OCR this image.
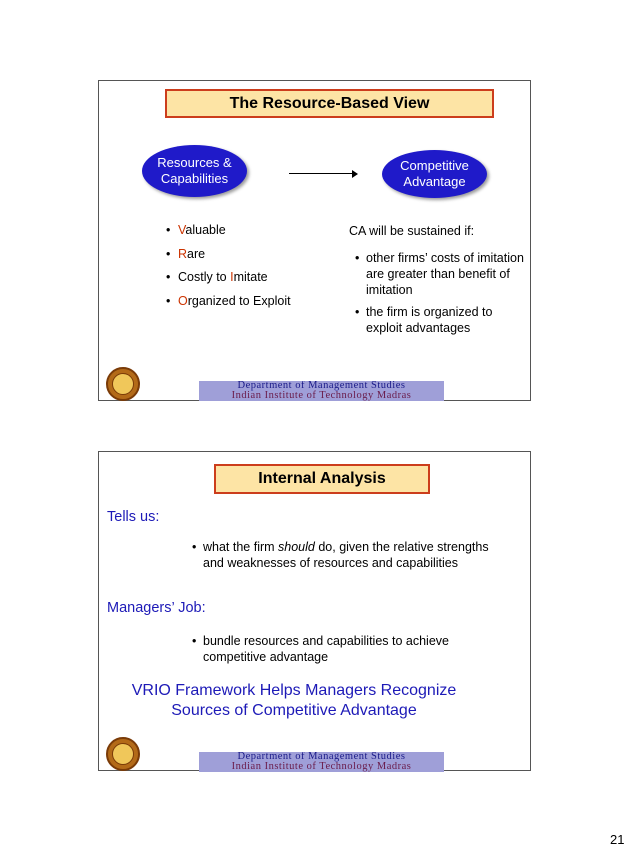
The Resource-Based View
Resources &
Capabilities
Competitive
Advantage
• Valuable
• Rare
• Costly to Imitate
• Organized to Exploit
CA will be sustained if:
• other firms’ costs of imitation are greater than benefit of imitation
• the firm is organized to exploit advantages
Department of Management Studies
Indian Institute of Technology Madras
Internal Analysis
Tells us:
• what the firm should do, given the relative strengths and weaknesses of resources and capabilities
Managers’ Job:
• bundle resources and capabilities to achieve competitive advantage
VRIO Framework Helps Managers Recognize
Sources of Competitive Advantage
Department of Management Studies
Indian Institute of Technology Madras
21
